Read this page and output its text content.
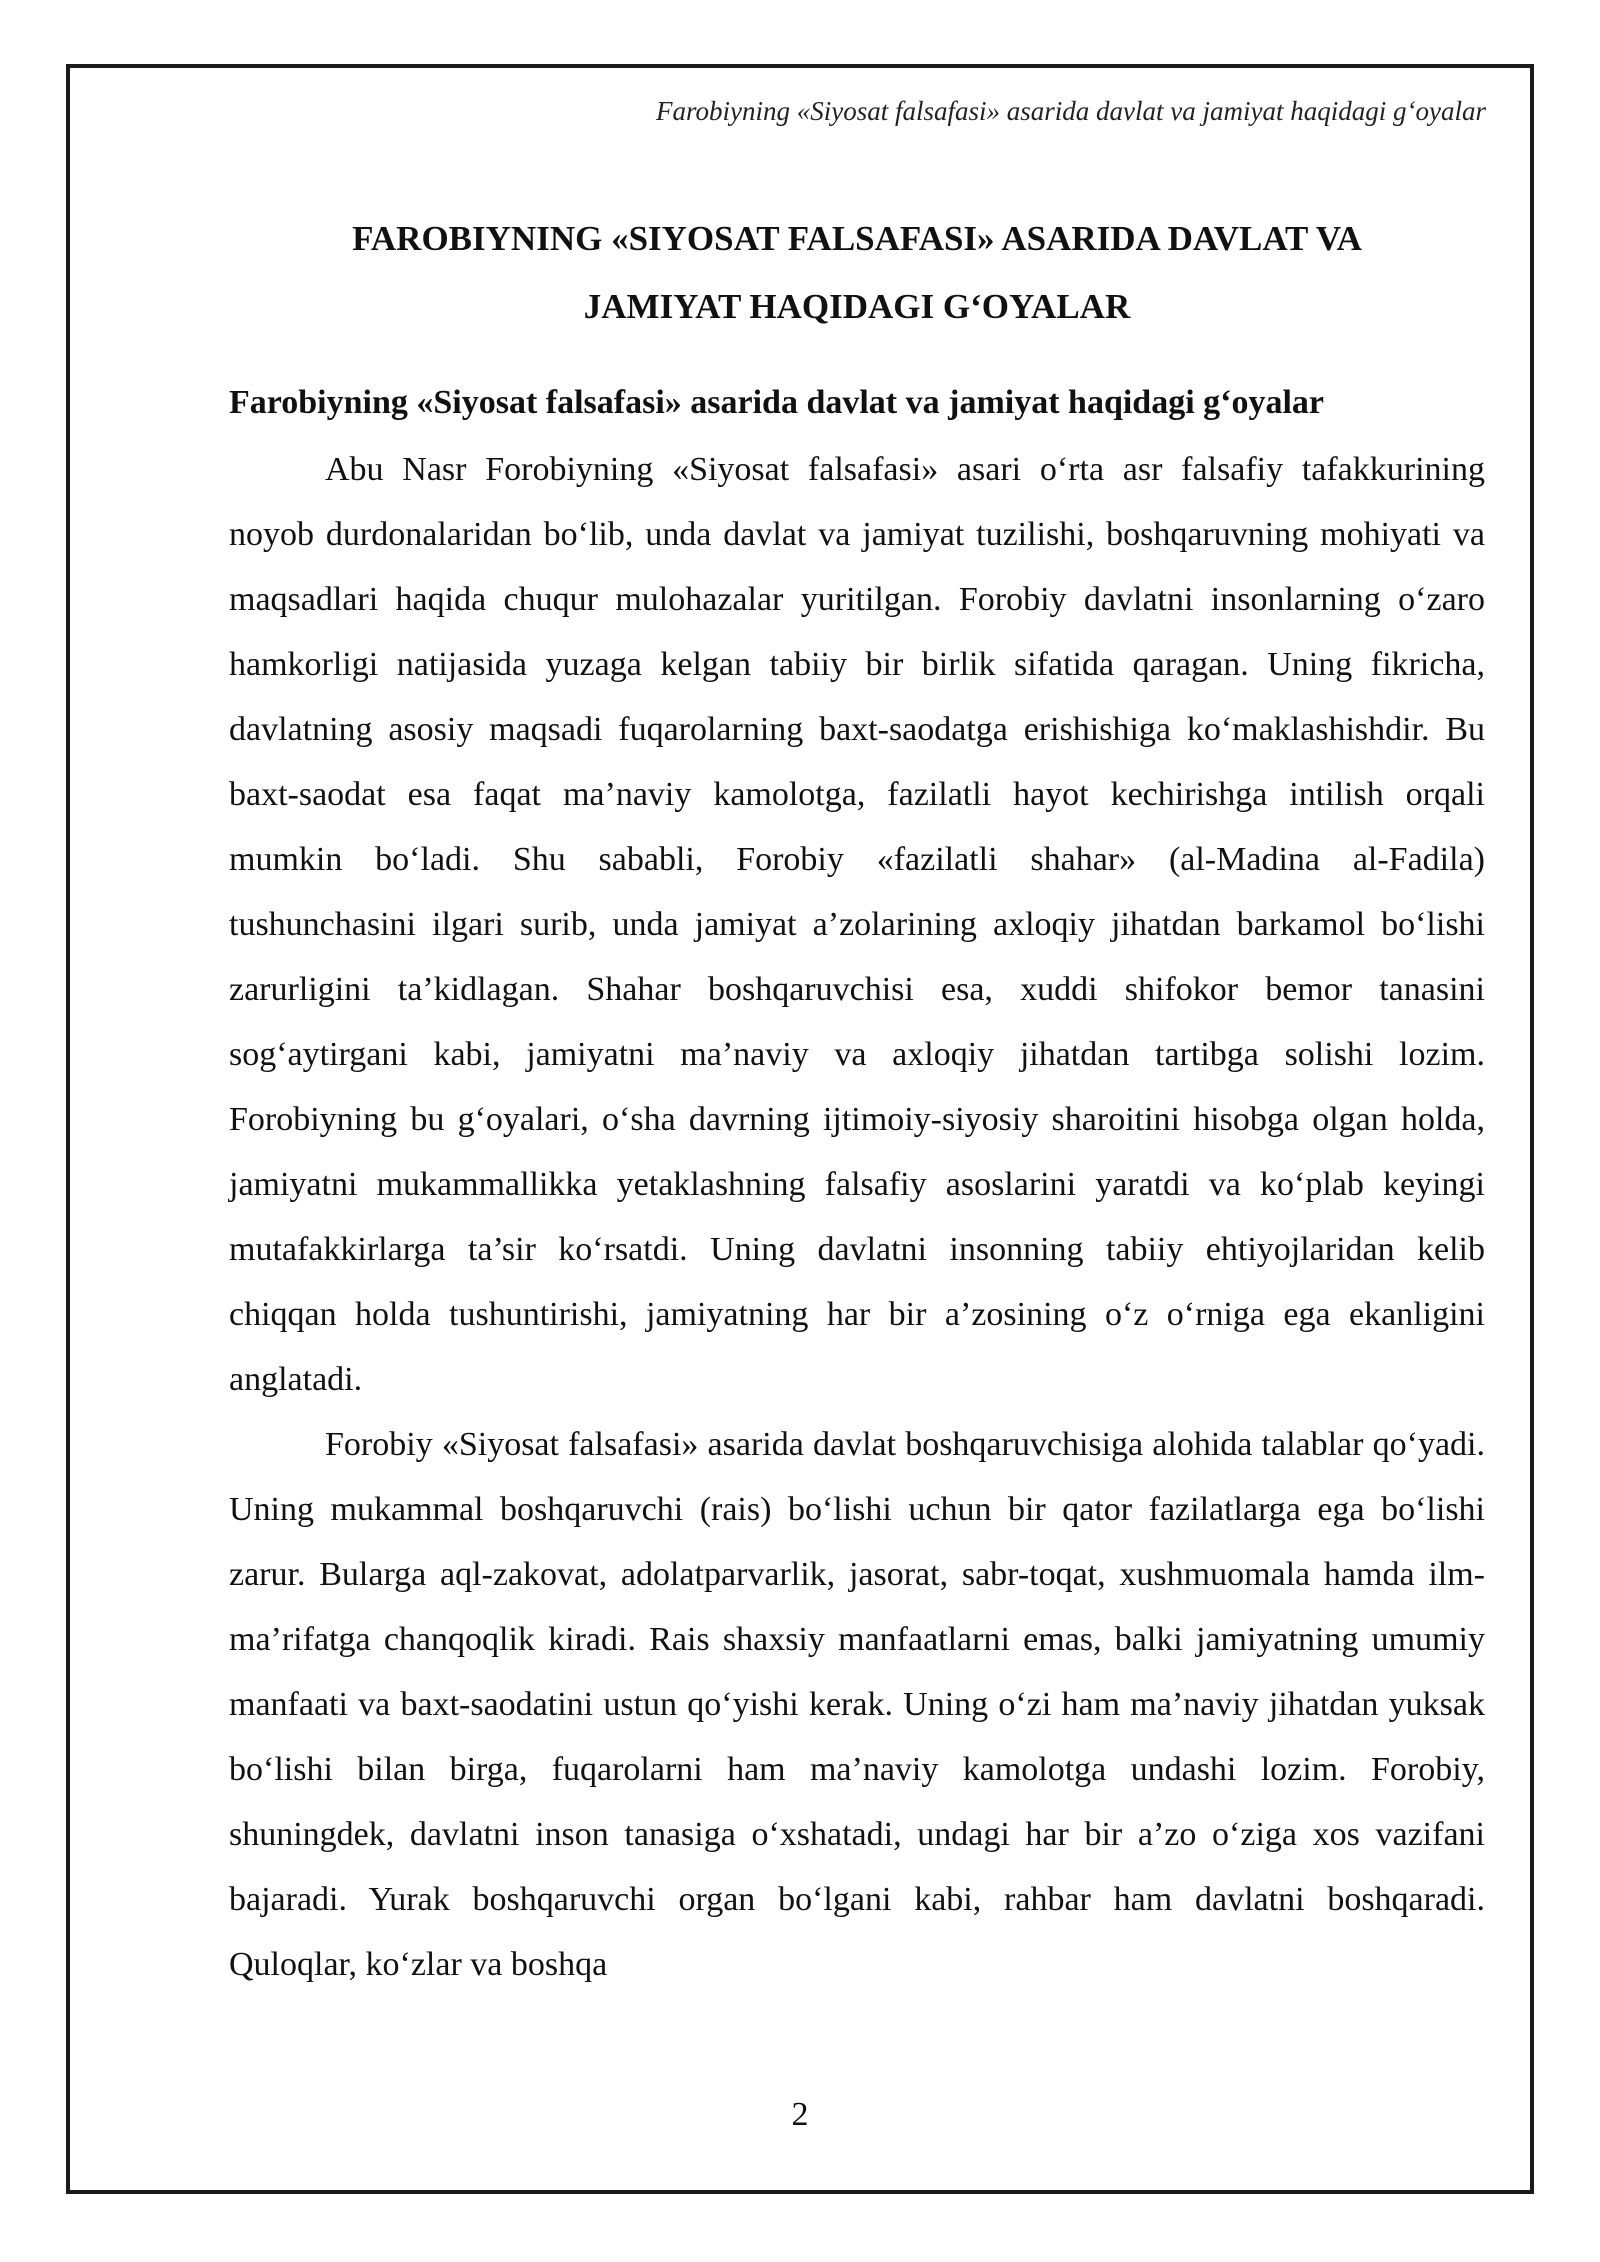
Farobiyning «Siyosat falsafasi» asarida davlat va jamiyat haqidagi g‘oyalar
FAROBIYNING «SIYOSAT FALSAFASI» ASARIDA DAVLAT VA
JAMIYAT HAQIDAGI G‘OYALAR
Farobiyning «Siyosat falsafasi» asarida davlat va jamiyat haqidagi g‘oyalar

Abu Nasr Forobiyning «Siyosat falsafasi» asari o‘rta asr falsafiy tafakkurining noyob durdonalaridan bo‘lib, unda davlat va jamiyat tuzilishi, boshqaruvning mohiyati va maqsadlari haqida chuqur mulohazalar yuritilgan. Forobiy davlatni insonlarning o‘zaro hamkorligi natijasida yuzaga kelgan tabiiy bir birlik sifatida qaragan. Uning fikricha, davlatning asosiy maqsadi fuqarolarning baxt-saodatga erishishiga ko‘maklashishdir. Bu baxt-saodat esa faqat ma’naviy kamolotga, fazilatli hayot kechirishga intilish orqali mumkin bo‘ladi. Shu sababli, Forobiy «fazilatli shahar» (al-Madina al-Fadila) tushunchasini ilgari surib, unda jamiyat a’zolarining axloqiy jihatdan barkamol bo‘lishi zarurligini ta’kidlagan. Shahar boshqaruvchisi esa, xuddi shifokor bemor tanasini sog‘aytirgani kabi, jamiyatni ma’naviy va axloqiy jihatdan tartibga solishi lozim. Forobiyning bu g‘oyalari, o‘sha davrning ijtimoiy-siyosiy sharoitini hisobga olgan holda, jamiyatni mukammallikka yetaklashning falsafiy asoslarini yaratdi va ko‘plab keyingi mutafakkirlarga ta’sir ko‘rsatdi. Uning davlatni insonning tabiiy ehtiyojlaridan kelib chiqqan holda tushuntirishi, jamiyatning har bir a’zosining o‘z o‘rniga ega ekanligini anglatadi.

Forobiy «Siyosat falsafasi» asarida davlat boshqaruvchisiga alohida talablar qo‘yadi. Uning mukammal boshqaruvchi (rais) bo‘lishi uchun bir qator fazilatlarga ega bo‘lishi zarur. Bularga aql-zakovat, adolatparvarlik, jasorat, sabr-toqat, xushmuomala hamda ilm-ma’rifatga chanqoqlik kiradi. Rais shaxsiy manfaatlarni emas, balki jamiyatning umumiy manfaati va baxt-saodatini ustun qo‘yishi kerak. Uning o‘zi ham ma’naviy jihatdan yuksak bo‘lishi bilan birga, fuqarolarni ham ma’naviy kamolotga undashi lozim. Forobiy, shuningdek, davlatni inson tanasiga o‘xshatadi, undagi har bir a’zo o‘ziga xos vazifani bajaradi. Yurak boshqaruvchi organ bo‘lgani kabi, rahbar ham davlatni boshqaradi. Quloqlar, ko‘zlar va boshqa

2
